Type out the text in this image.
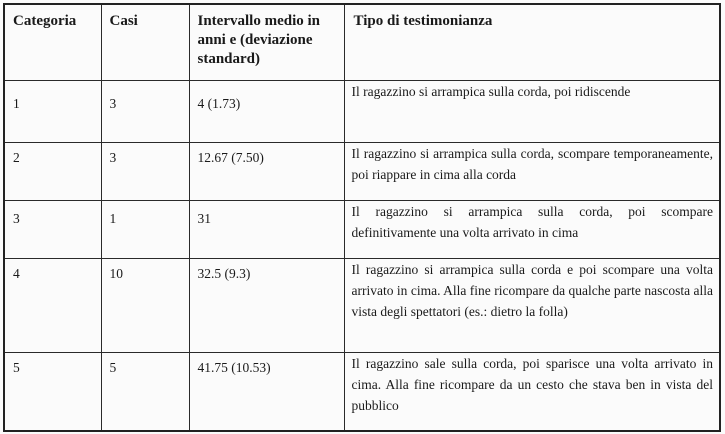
Categoria	Casi	Intervallo medio in anni e (deviazione standard)	Tipo di testimonianza

1	3	4 (1.73)	Il ragazzino si arrampica sulla corda, poi ridiscende

2	3	12.67 (7.50)	Il ragazzino si arrampica sulla corda, scompare temporaneamente, poi riappare in cima alla corda

3	1	31	Il ragazzino si arrampica sulla corda, poi scompare definitivamente una volta arrivato in cima

4	10	32.5 (9.3)	Il ragazzino si arrampica sulla corda e poi scompare una volta arrivato in cima. Alla fine ricompare da qualche parte nascosta alla vista degli spettatori (es.: dietro la folla)

5	5	41.75 (10.53)	Il ragazzino sale sulla corda, poi sparisce una volta arrivato in cima. Alla fine ricompare da un cesto che stava ben in vista del pubblico
